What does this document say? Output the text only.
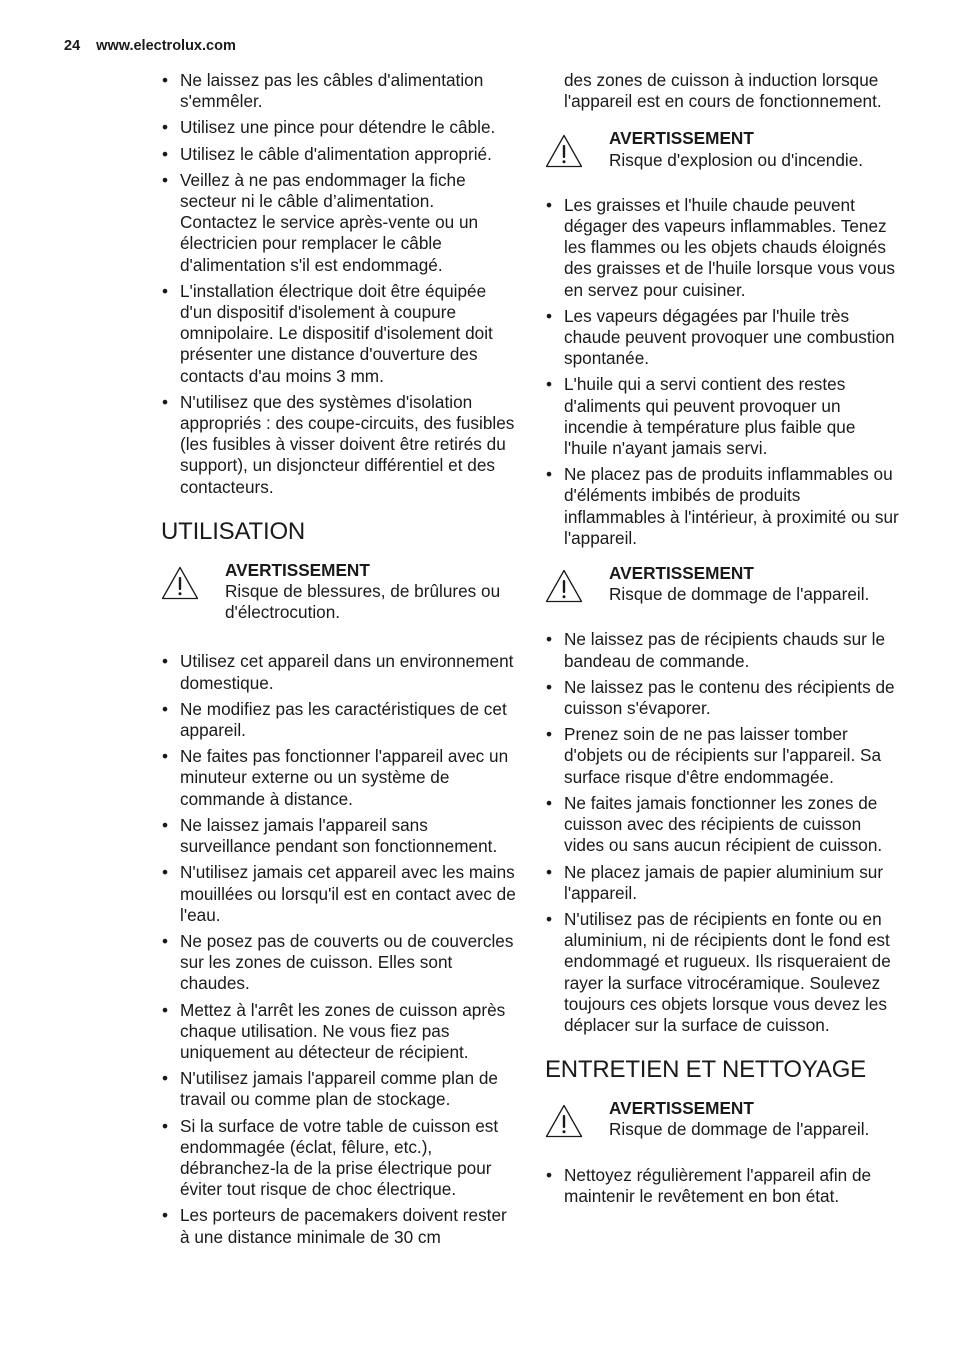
24 www.electrolux.com
• Ne laissez pas les câbles d'alimentation s'emmêler.
• Utilisez une pince pour détendre le câble.
• Utilisez le câble d'alimentation approprié.
• Veillez à ne pas endommager la fiche secteur ni le câble d’alimentation. Contactez le service après-vente ou un électricien pour remplacer le câble d'alimentation s'il est endommagé.
• L'installation électrique doit être équipée d'un dispositif d'isolement à coupure omnipolaire. Le dispositif d'isolement doit présenter une distance d'ouverture des contacts d'au moins 3 mm.
• N'utilisez que des systèmes d'isolation appropriés : des coupe-circuits, des fusibles (les fusibles à visser doivent être retirés du support), un disjoncteur différentiel et des contacteurs.
UTILISATION
AVERTISSEMENT
Risque de blessures, de brûlures ou d'électrocution.
• Utilisez cet appareil dans un environnement domestique.
• Ne modifiez pas les caractéristiques de cet appareil.
• Ne faites pas fonctionner l'appareil avec un minuteur externe ou un système de commande à distance.
• Ne laissez jamais l'appareil sans surveillance pendant son fonctionnement.
• N'utilisez jamais cet appareil avec les mains mouillées ou lorsqu'il est en contact avec de l'eau.
• Ne posez pas de couverts ou de couvercles sur les zones de cuisson. Elles sont chaudes.
• Mettez à l'arrêt les zones de cuisson après chaque utilisation. Ne vous fiez pas uniquement au détecteur de récipient.
• N'utilisez jamais l'appareil comme plan de travail ou comme plan de stockage.
• Si la surface de votre table de cuisson est endommagée (éclat, fêlure, etc.), débranchez-la de la prise électrique pour éviter tout risque de choc électrique.
• Les porteurs de pacemakers doivent rester à une distance minimale de 30 cm

des zones de cuisson à induction lorsque l'appareil est en cours de fonctionnement.

AVERTISSEMENT
Risque d'explosion ou d'incendie.
• Les graisses et l'huile chaude peuvent dégager des vapeurs inflammables. Tenez les flammes ou les objets chauds éloignés des graisses et de l'huile lorsque vous vous en servez pour cuisiner.
• Les vapeurs dégagées par l'huile très chaude peuvent provoquer une combustion spontanée.
• L'huile qui a servi contient des restes d'aliments qui peuvent provoquer un incendie à température plus faible que l'huile n'ayant jamais servi.
• Ne placez pas de produits inflammables ou d'éléments imbibés de produits inflammables à l'intérieur, à proximité ou sur l'appareil.
AVERTISSEMENT
Risque de dommage de l'appareil.
• Ne laissez pas de récipients chauds sur le bandeau de commande.
• Ne laissez pas le contenu des récipients de cuisson s'évaporer.
• Prenez soin de ne pas laisser tomber d'objets ou de récipients sur l'appareil. Sa surface risque d'être endommagée.
• Ne faites jamais fonctionner les zones de cuisson avec des récipients de cuisson vides ou sans aucun récipient de cuisson.
• Ne placez jamais de papier aluminium sur l'appareil.
• N'utilisez pas de récipients en fonte ou en aluminium, ni de récipients dont le fond est endommagé et rugueux. Ils risqueraient de rayer la surface vitrocéramique. Soulevez toujours ces objets lorsque vous devez les déplacer sur la surface de cuisson.
ENTRETIEN ET NETTOYAGE
AVERTISSEMENT
Risque de dommage de l'appareil.
• Nettoyez régulièrement l'appareil afin de maintenir le revêtement en bon état.
